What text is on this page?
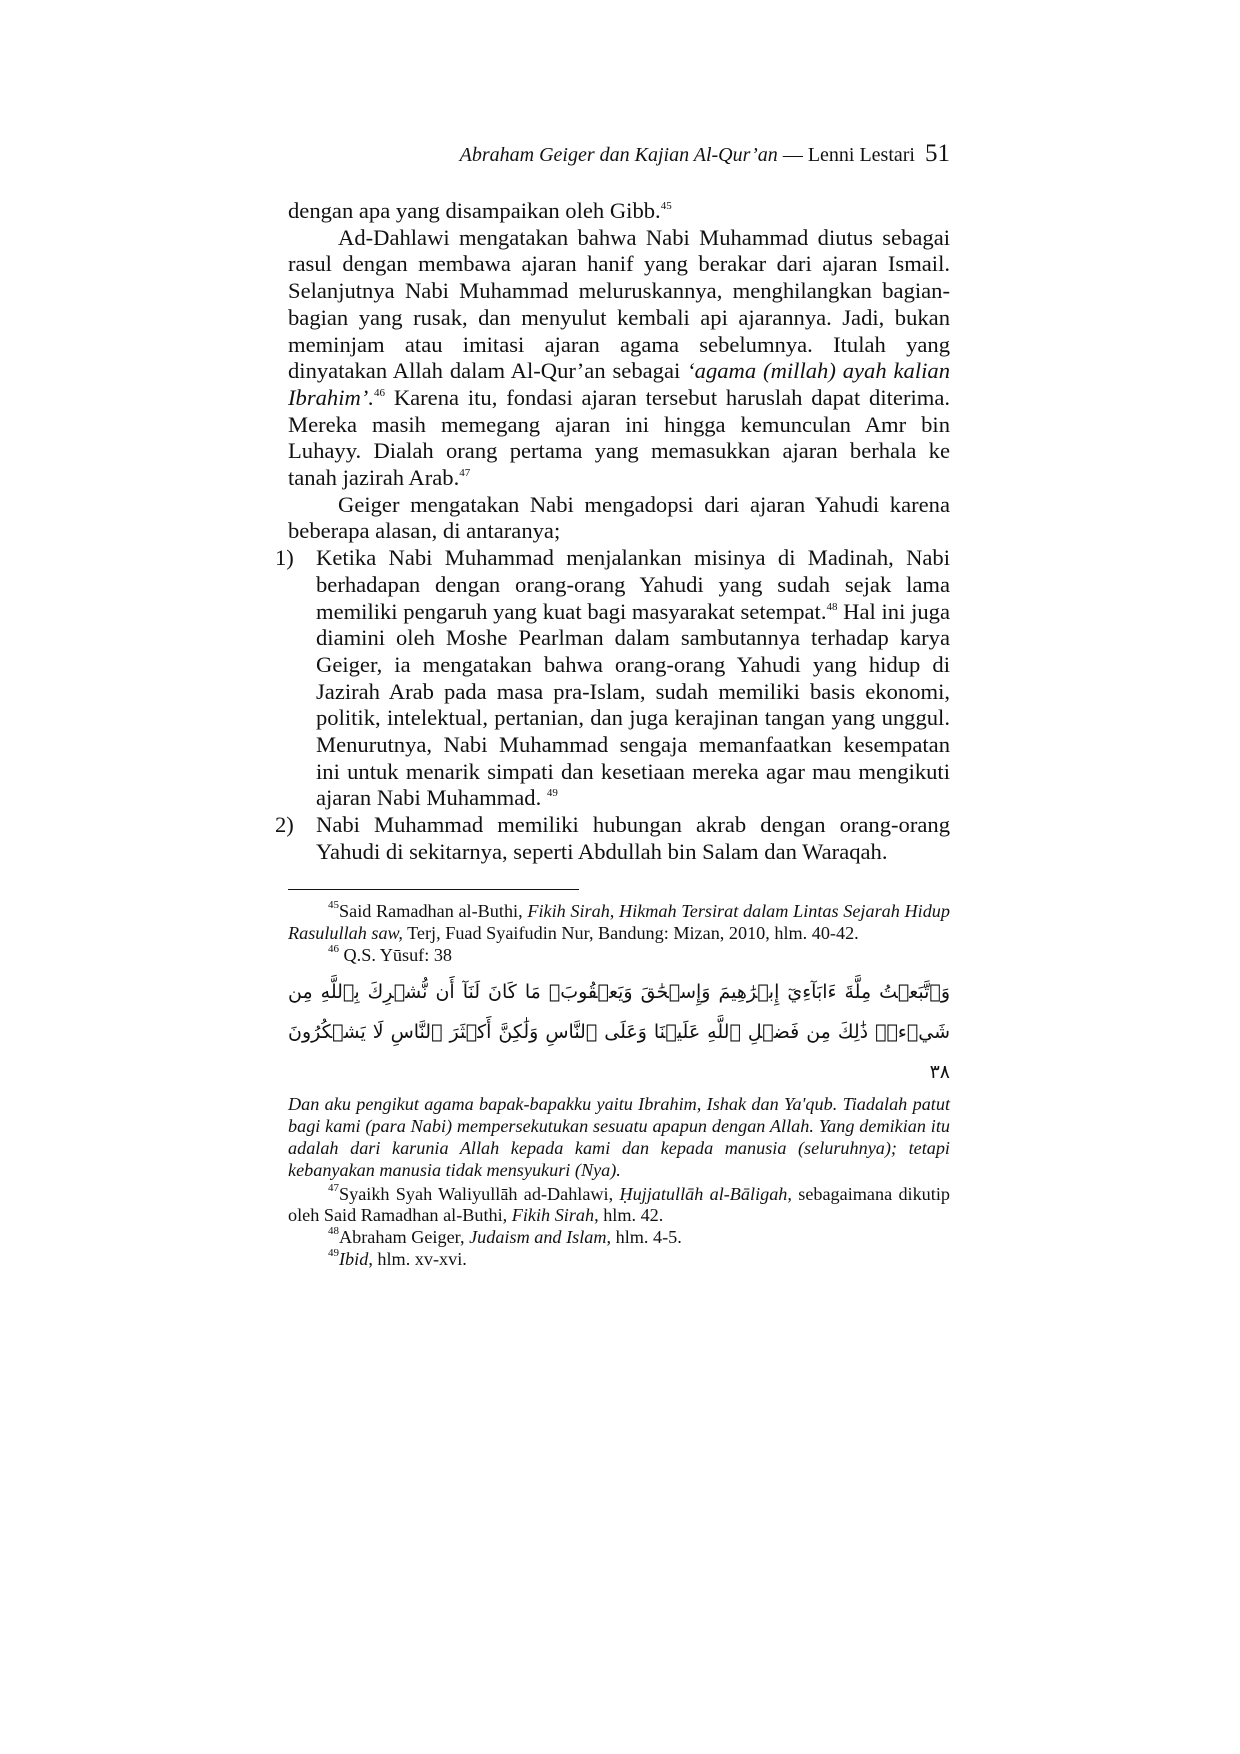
Abraham Geiger dan Kajian Al-Qur’an — Lenni Lestari 51

dengan apa yang disampaikan oleh Gibb.$^{45}$

Ad-Dahlawi mengatakan bahwa Nabi Muhammad diutus sebagai rasul dengan membawa ajaran hanif yang berakar dari ajaran Ismail. Selanjutnya Nabi Muhammad meluruskannya, menghilangkan bagian-bagian yang rusak, dan menyulut kembali api ajarannya. Jadi, bukan meminjam atau imitasi ajaran agama sebelumnya. Itulah yang dinyatakan Allah dalam Al-Qur’an sebagai ‘agama (millah) ayah kalian Ibrahim’.$^{46}$ Karena itu, fondasi ajaran tersebut haruslah dapat diterima. Mereka masih memegang ajaran ini hingga kemunculan Amr bin Luhayy. Dialah orang pertama yang memasukkan ajaran berhala ke tanah jazirah Arab.$^{47}$

Geiger mengatakan Nabi mengadopsi dari ajaran Yahudi karena beberapa alasan, di antaranya;

1) Ketika Nabi Muhammad menjalankan misinya di Madinah, Nabi berhadapan dengan orang-orang Yahudi yang sudah sejak lama memiliki pengaruh yang kuat bagi masyarakat setempat.$^{48}$ Hal ini juga diamini oleh Moshe Pearlman dalam sambutannya terhadap karya Geiger, ia mengatakan bahwa orang-orang Yahudi yang hidup di Jazirah Arab pada masa pra-Islam, sudah memiliki basis ekonomi, politik, intelektual, pertanian, dan juga kerajinan tangan yang unggul. Menurutnya, Nabi Muhammad sengaja memanfaatkan kesempatan ini untuk menarik simpati dan kesetiaan mereka agar mau mengikuti ajaran Nabi Muhammad. $^{49}$
2) Nabi Muhammad memiliki hubungan akrab dengan orang-orang Yahudi di sekitarnya, seperti Abdullah bin Salam dan Waraqah.

$^{45}$Said Ramadhan al-Buthi, Fikih Sirah, Hikmah Tersirat dalam Lintas Sejarah Hidup Rasulullah saw, Terj, Fuad Syaifudin Nur, Bandung: Mizan, 2010, hlm. 40-42.

$^{46}$ Q.S. Yūsuf: 38

وَٱتَّبَعۡتُ مِلَّةَ ءَابَآءِيٓ إِبۡرَٰهِيمَ وَإِسۡحَٰقَ وَيَعۡقُوبَۚ مَا كَانَ لَنَآ أَن نُّشۡرِكَ بِٱللَّهِ مِن شَيۡءٖۚ ذَٰلِكَ مِن فَضۡلِ ٱللَّهِ عَلَيۡنَا وَعَلَى ٱلنَّاسِ وَلَٰكِنَّ أَكۡثَرَ ٱلنَّاسِ لَا يَشۡكُرُونَ ٣٨

Dan aku pengikut agama bapak-bapakku yaitu Ibrahim, Ishak dan Ya'qub. Tiadalah patut bagi kami (para Nabi) mempersekutukan sesuatu apapun dengan Allah. Yang demikian itu adalah dari karunia Allah kepada kami dan kepada manusia (seluruhnya); tetapi kebanyakan manusia tidak mensyukuri (Nya).

$^{47}$Syaikh Syah Waliyullāh ad-Dahlawi, Ḥujjatullāh al-Bāligah, sebagaimana dikutip oleh Said Ramadhan al-Buthi, Fikih Sirah, hlm. 42.

$^{48}$Abraham Geiger, Judaism and Islam, hlm. 4-5.

$^{49}$Ibid, hlm. xv-xvi.
